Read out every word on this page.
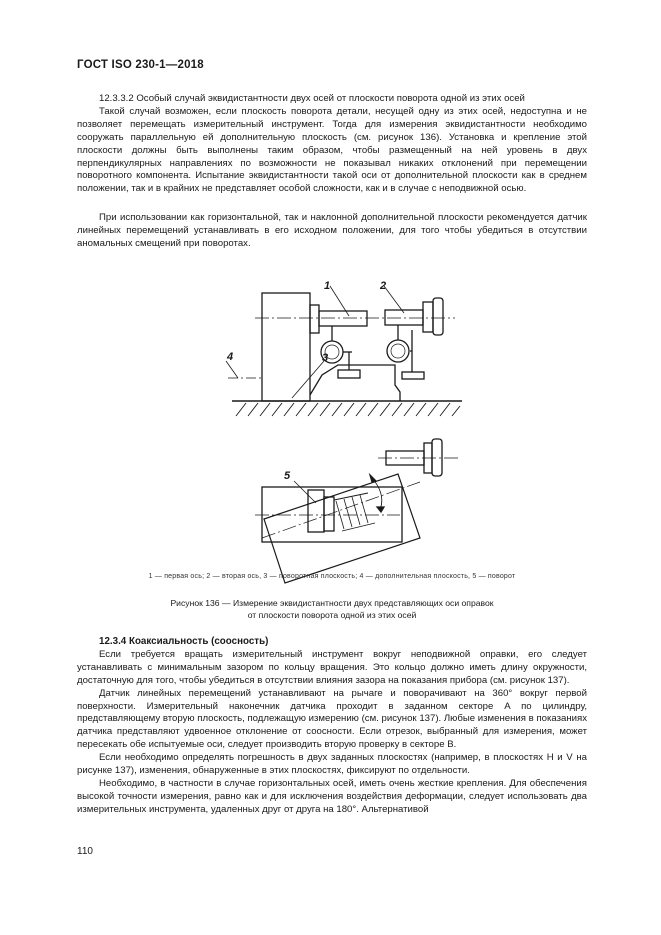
ГОСТ ISO 230-1—2018

12.3.3.2 Особый случай эквидистантности двух осей от плоскости поворота одной из этих осей

Такой случай возможен, если плоскость поворота детали, несущей одну из этих осей, недоступна и не позволяет перемещать измерительный инструмент. Тогда для измерения эквидистантности необходимо сооружать параллельную ей дополнительную плоскость (см. рисунок 136). Установка и крепление этой плоскости должны быть выполнены таким образом, чтобы размещенный на ней уровень в двух перпендикулярных направлениях по возможности не показывал никаких отклонений при перемещении поворотного компонента. Испытание эквидистантности такой оси от дополнительной плоскости как в среднем положении, так и в крайних не представляет особой сложности, как и в случае с неподвижной осью.

При использовании как горизонтальной, так и наклонной дополнительной плоскости рекомендуется датчик линейных перемещений устанавливать в его исходном положении, для того чтобы убедиться в отсутствии аномальных смещений при поворотах.

1	2
3
4
5
1 — первая ось; 2 — вторая ось, 3 — поворотная плоскость; 4 — дополнительная плоскость, 5 — поворот
Рисунок 136 — Измерение эквидистантности двух представляющих оси оправок
от плоскости поворота одной из этих осей
12.3.4 Коаксиальность (соосность)

Если требуется вращать измерительный инструмент вокруг неподвижной оправки, его следует устанавливать с минимальным зазором по кольцу вращения. Это кольцо должно иметь длину окружности, достаточную для того, чтобы убедиться в отсутствии влияния зазора на показания прибора (см. рисунок 137).

Датчик линейных перемещений устанавливают на рычаге и поворачивают на 360° вокруг первой поверхности. Измерительный наконечник датчика проходит в заданном секторе A по цилиндру, представляющему вторую плоскость, подлежащую измерению (см. рисунок 137). Любые изменения в показаниях датчика представляют удвоенное отклонение от соосности. Если отрезок, выбранный для измерения, может пересекать обе испытуемые оси, следует производить вторую проверку в секторе B.

Если необходимо определять погрешность в двух заданных плоскостях (например, в плоскостях H и V на рисунке 137), изменения, обнаруженные в этих плоскостях, фиксируют по отдельности.

Необходимо, в частности в случае горизонтальных осей, иметь очень жесткие крепления. Для обеспечения высокой точности измерения, равно как и для исключения воздействия деформации, следует использовать два измерительных инструмента, удаленных друг от друга на 180°. Альтернативой

110
